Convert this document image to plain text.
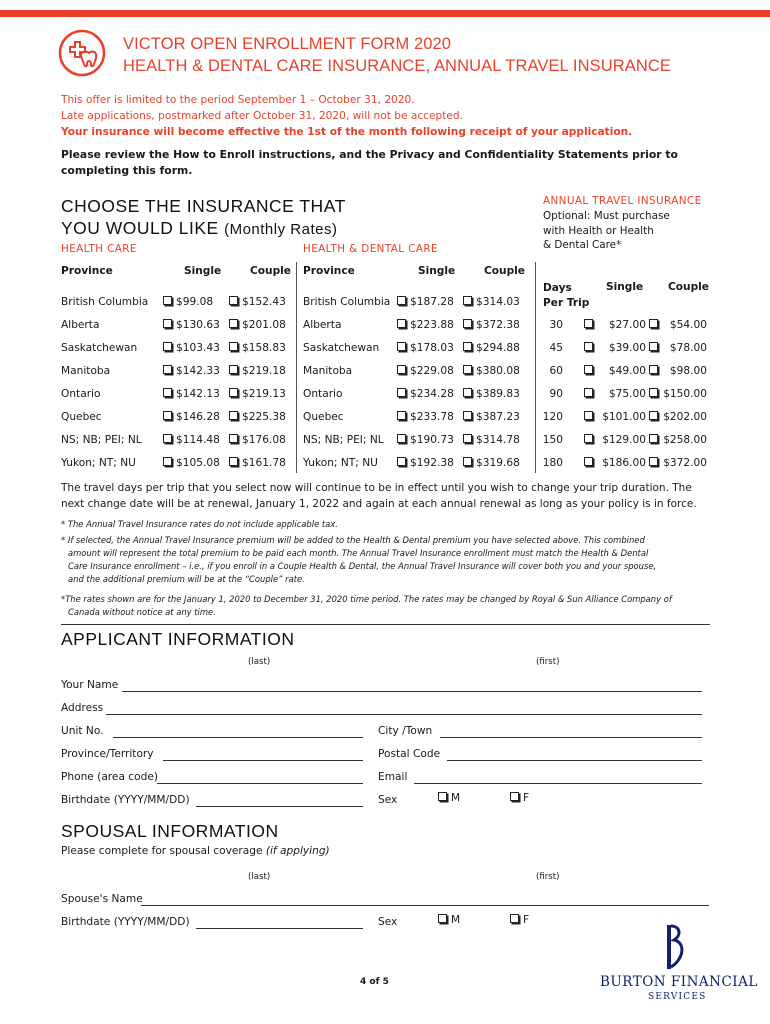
VICTOR OPEN ENROLLMENT FORM 2020
HEALTH & DENTAL CARE INSURANCE, ANNUAL TRAVEL INSURANCE
This offer is limited to the period September 1 – October 31, 2020.
Late applications, postmarked after October 31, 2020, will not be accepted.
Your insurance will become effective the 1st of the month following receipt of your application.
Please review the How to Enroll instructions, and the Privacy and Confidentiality Statements prior to completing this form.
CHOOSE THE INSURANCE THAT
YOU WOULD LIKE (Monthly Rates)
HEALTH CARE	HEALTH & DENTAL CARE
ANNUAL TRAVEL INSURANCE
Optional: Must purchase
with Health or Health
& Dental Care*
Province	Single	Couple Province	Single	Couple
Days
Per Trip
Single Couple
British Columbia	$99.08	$152.43
Alberta	$130.63	$201.08
Saskatchewan	$103.43	$158.83
Manitoba	$142.33	$219.18
Ontario	$142.13	$219.13
Quebec	$146.28	$225.38
NS; NB; PEI; NL	$114.48	$176.08
Yukon; NT; NU	$105.08	$161.78
British Columbia	$187.28	$314.03
Alberta	$223.88	$372.38
Saskatchewan	$178.03	$294.88
Manitoba	$229.08	$380.08
Ontario	$234.28	$389.83
Quebec	$233.78	$387.23
NS; NB; PEI; NL	$190.73	$314.78
Yukon; NT; NU	$192.38	$319.68
30	$27.00 $54.00
45	$39.00 $78.00
60	$49.00 $98.00
90	$75.00 $150.00
120	$101.00 $202.00
150	$129.00 $258.00
180	$186.00 $372.00
The travel days per trip that you select now will continue to be in effect until you wish to change your trip duration. The next change date will be at renewal, January 1, 2022 and again at each annual renewal as long as your policy is in force.
* The Annual Travel Insurance rates do not include applicable tax.
* If selected, the Annual Travel Insurance premium will be added to the Health & Dental premium you have selected above. This combined
amount will represent the total premium to be paid each month. The Annual Travel Insurance enrollment must match the Health & Dental
Care Insurance enrollment – i.e., if you enroll in a Couple Health & Dental, the Annual Travel Insurance will cover both you and your spouse,
and the additional premium will be at the “Couple” rate.
*The rates shown are for the January 1, 2020 to December 31, 2020 time period. The rates may be changed by Royal & Sun Alliance Company of
Canada without notice at any time.
APPLICANT INFORMATION
(last)	(first)
Your Name
Address
Unit No.	City /Town
Province/Territory	Postal Code
Phone (area code)	Email
Birthdate (YYYY/MM/DD)	Sex	M	F
SPOUSAL INFORMATION
Please complete for spousal coverage (if applying)
(last)	(first)
Spouse's Name
Birthdate (YYYY/MM/DD)	Sex	M	F
4 of 5	BURTON FINANCIAL
SERVICES
